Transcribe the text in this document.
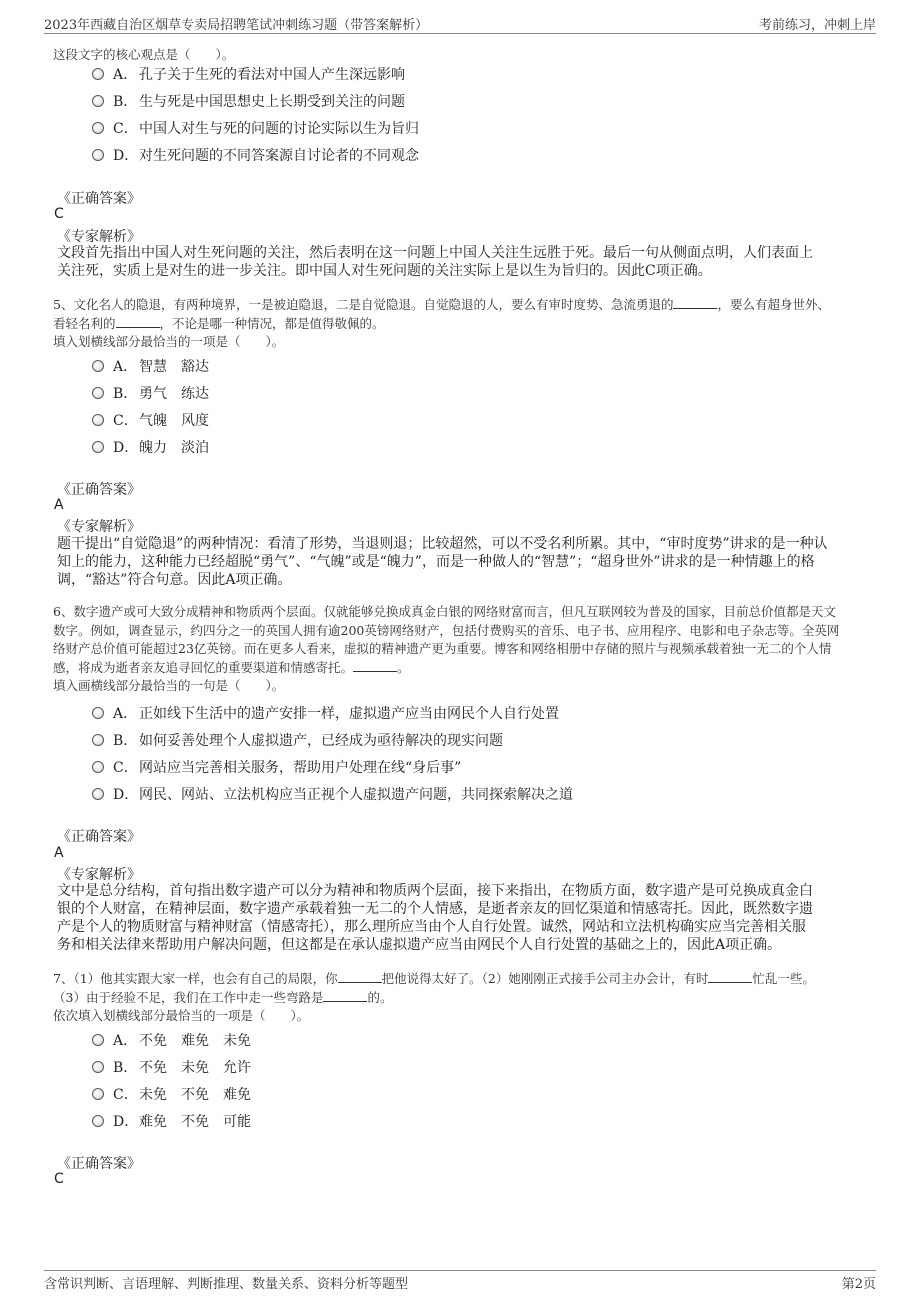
2023年西藏自治区烟草专卖局招聘笔试冲刺练习题（带答案解析）	考前练习，冲刺上岸
这段文字的核心观点是（　　）。
A． 孔子关于生死的看法对中国人产生深远影响
B． 生与死是中国思想史上长期受到关注的问题
C．中国人对生与死的问题的讨论实际以生为旨归
D．对生死问题的不同答案源自讨论者的不同观念
《正确答案》
C
《专家解析》
文段首先指出中国人对生死问题的关注，然后表明在这一问题上中国人关注生远胜于死。最后一句从侧面点明，人们表面上
关注死，实质上是对生的进一步关注。即中国人对生死问题的关注实际上是以生为旨归的。因此C项正确。
5、文化名人的隐退，有两种境界，一是被迫隐退，二是自觉隐退。自觉隐退的人，要么有审时度势、急流勇退的	，要么有超身世外、
看轻名利的	，不论是哪一种情况，都是值得敬佩的。
填入划横线部分最恰当的一项是（　　）。
A． 智慧　豁达
B． 勇气　练达
C．气魄　风度
D．魄力　淡泊
《正确答案》
A
《专家解析》
题干提出“自觉隐退”的两种情况：看清了形势，当退则退；比较超然，可以不受名利所累。其中，“审时度势”讲求的是一种认
知上的能力，这种能力已经超脱“勇气”、“气魄”或是“魄力”，而是一种做人的“智慧”；“超身世外”讲求的是一种情趣上的格
调，“豁达”符合句意。因此A项正确。
6、数字遗产或可大致分成精神和物质两个层面。仅就能够兑换成真金白银的网络财富而言，但凡互联网较为普及的国家，目前总价值都是天文
数字。例如，调查显示，约四分之一的英国人拥有逾200英镑网络财产，包括付费购买的音乐、电子书、应用程序、电影和电子杂志等。全英网
络财产总价值可能超过23亿英镑。而在更多人看来，虚拟的精神遗产更为重要。博客和网络相册中存储的照片与视频承载着独一无二的个人情
感，将成为逝者亲友追寻回忆的重要渠道和情感寄托。	。
填入画横线部分最恰当的一句是（　　）。
A． 正如线下生活中的遗产安排一样，虚拟遗产应当由网民个人自行处置
B． 如何妥善处理个人虚拟遗产，已经成为亟待解决的现实问题
C．网站应当完善相关服务，帮助用户处理在线“身后事”
D．网民、网站、立法机构应当正视个人虚拟遗产问题，共同探索解决之道
《正确答案》
A
《专家解析》
文中是总分结构，首句指出数字遗产可以分为精神和物质两个层面，接下来指出，在物质方面，数字遗产是可兑换成真金白
银的个人财富，在精神层面，数字遗产承载着独一无二的个人情感，是逝者亲友的回忆渠道和情感寄托。因此，既然数字遗
产是个人的物质财富与精神财富（情感寄托），那么理所应当由个人自行处置。诚然，网站和立法机构确实应当完善相关服
务和相关法律来帮助用户解决问题，但这都是在承认虚拟遗产应当由网民个人自行处置的基础之上的，因此A项正确。
7、（1）他其实跟大家一样，也会有自己的局限，你	把他说得太好了。（2）她刚刚正式接手公司主办会计，有时	忙乱一些。
（3）由于经验不足，我们在工作中走一些弯路是	的。
依次填入划横线部分最恰当的一项是（　　）。
A． 不免　难免　未免
B． 不免　未免　允许
C．未免　不免　难免
D．难免　不免　可能
《正确答案》
C
含常识判断、言语理解、判断推理、数量关系、资料分析等题型	第2页
